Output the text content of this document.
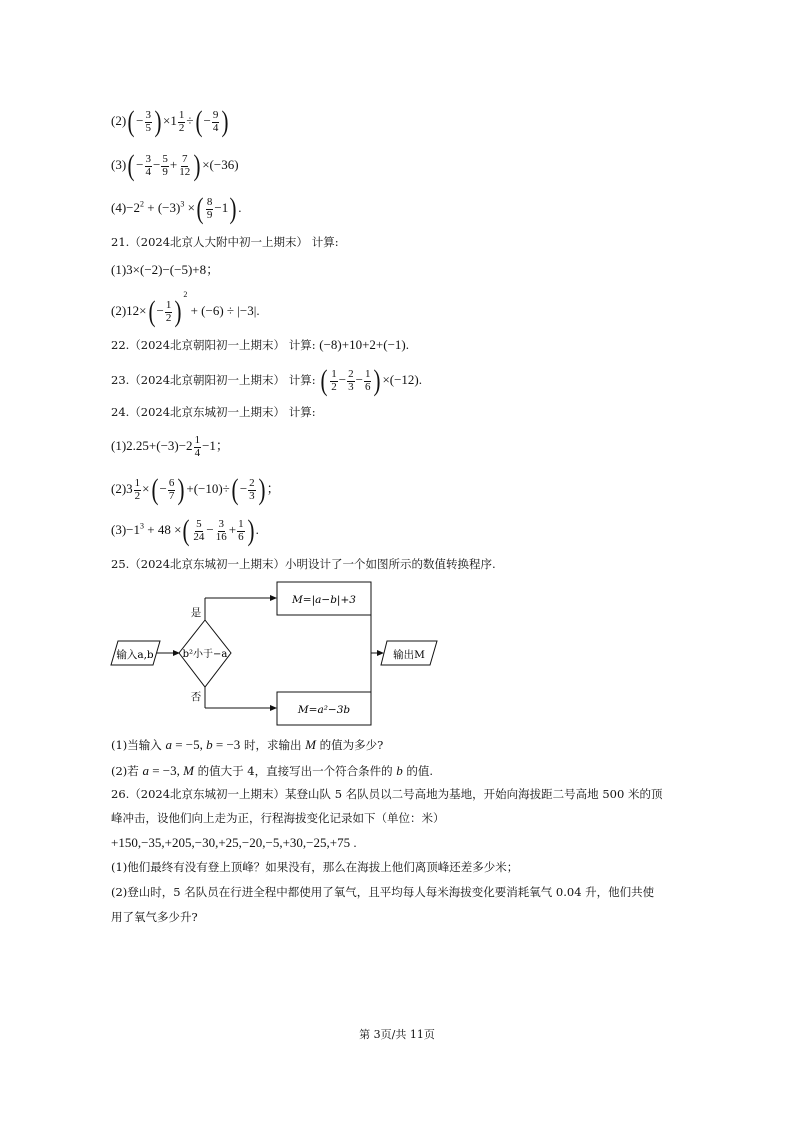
$(2)( - \frac{3}{5}$ ) $\times 1 \frac{1}{2}$ ÷( − $\frac{9}{4}$ )
$(3)( - \frac{3}{4} - \frac{5}{9} + \frac{7}{12}$ ) ×(−36)
$(4)-2^2 + (-3)^3$ ×( $\frac{8}{9} -1$) .
21.（2024北京人大附中初一上期末） 计算:
(1)3×(−2)−(−5)+8；
$(2)12\times( - \frac{1}{2} )^2 + (-6) \div |-3|$.
22.（2024北京朝阳初一上期末） 计算: (−8)+10+2+(−1).
23.（2024北京朝阳初一上期末） 计算: ( $\frac{1}{2} - \frac{2}{3} - \frac{1}{6}$ ) ×(−12).
24.（2024北京东城初一上期末） 计算:
$(1)2.25+(-3)-2 \frac{1}{4} -1$；
$(2)3 \frac{1}{2}$ ×( − $\frac{6}{7}$ ) $+(-10)\div( - \frac{2}{3}$ ) ；
$(3)-1^3 + 48$ ×( $\frac{5}{24} - \frac{3}{16} + \frac{1}{6}$ ) .
25.（2024北京东城初一上期末）小明设计了一个如图所示的数值转换程序.
输入a,b	b²小于−a
是
否
M=|a−b|+3
M=a²−3b
输出M
(1)当输入 a = −5, b = −3 时，求输出 M 的值为多少?
(2)若 a = −3, M 的值大于 4，直接写出一个符合条件的 b 的值.
26.（2024北京东城初一上期末）某登山队 5 名队员以二号高地为基地，开始向海拔距二号高地 500 米的顶
峰冲击，设他们向上走为正，行程海拔变化记录如下（单位：米）
+150,−35,+205,−30,+25,−20,−5,+30,−25,+75 .
(1)他们最终有没有登上顶峰？如果没有，那么在海拔上他们离顶峰还差多少米；
(2)登山时，5 名队员在行进全程中都使用了氧气，且平均每人每米海拔变化要消耗氧气 0.04 升，他们共使
用了氧气多少升?
第 3页/共 11页
